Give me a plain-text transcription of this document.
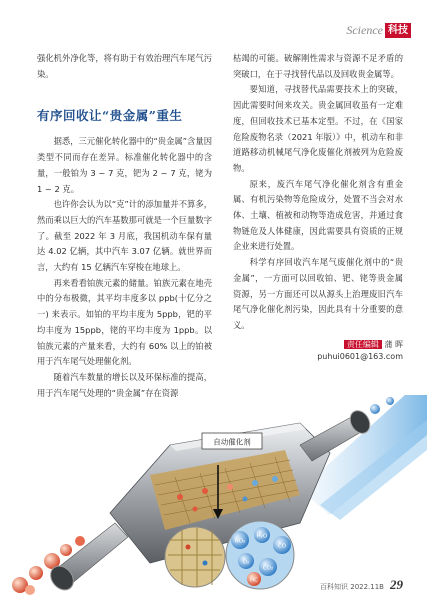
Science 科技

强化机外净化等，将有助于有效治理汽车尾气污染。

有序回收让“贵金属”重生

据悉，三元催化转化器中的“贵金属”含量因类型不同而存在差异。标准催化转化器中的含量，一般铂为 3 ~ 7 克，钯为 2 ~ 7 克，铑为 1 ~ 2 克。

也许你会认为以“克”计的添加量并不算多，然而乘以巨大的汽车基数那可就是一个巨量数字了。截至 2022 年 3 月底，我国机动车保有量达 4.02 亿辆，其中汽车 3.07 亿辆。就世界而言，大约有 15 亿辆汽车穿梭在地球上。

再来看看铂族元素的储量。铂族元素在地壳中的分布极微，其平均丰度多以 ppb(十亿分之一) 来表示。如铂的平均丰度为 5ppb，钯的平均丰度为 15ppb，铑的平均丰度为 1ppb。以铂族元素的产量来看，大约有 60% 以上的铂被用于汽车尾气处理催化剂。

随着汽车数量的增长以及环保标准的提高，用于汽车尾气处理的“贵金属”存在资源

枯竭的可能。破解刚性需求与资源不足矛盾的突破口，在于寻找替代品以及回收贵金属等。

要知道，寻找替代品需要技术上的突破，因此需要时间来攻关。贵金属回收虽有一定难度，但回收技术已基本定型。不过，在《国家危险废物名录（2021 年版）》中，机动车和非道路移动机械尾气净化废催化剂被列为危险废物。

原来，废汽车尾气净化催化剂含有重金属、有机污染物等危险成分，处置不当会对水体、土壤、植被和动物等造成危害，并通过食物链危及人体健康，因此需要具有资质的正规企业来进行处置。

科学有序回收汽车尾气废催化剂中的“贵金属”，一方面可以回收铂、钯、铑等贵金属资源，另一方面还可以从源头上治理废旧汽车尾气净化催化剂污染，因此具有十分重要的意义。

责任编辑 蒲 晖
puhui0601@163.com
自动催化剂
NO₂
H₂O
CO
O₂
CO₂
HC
百科知识 2022.11B 29
